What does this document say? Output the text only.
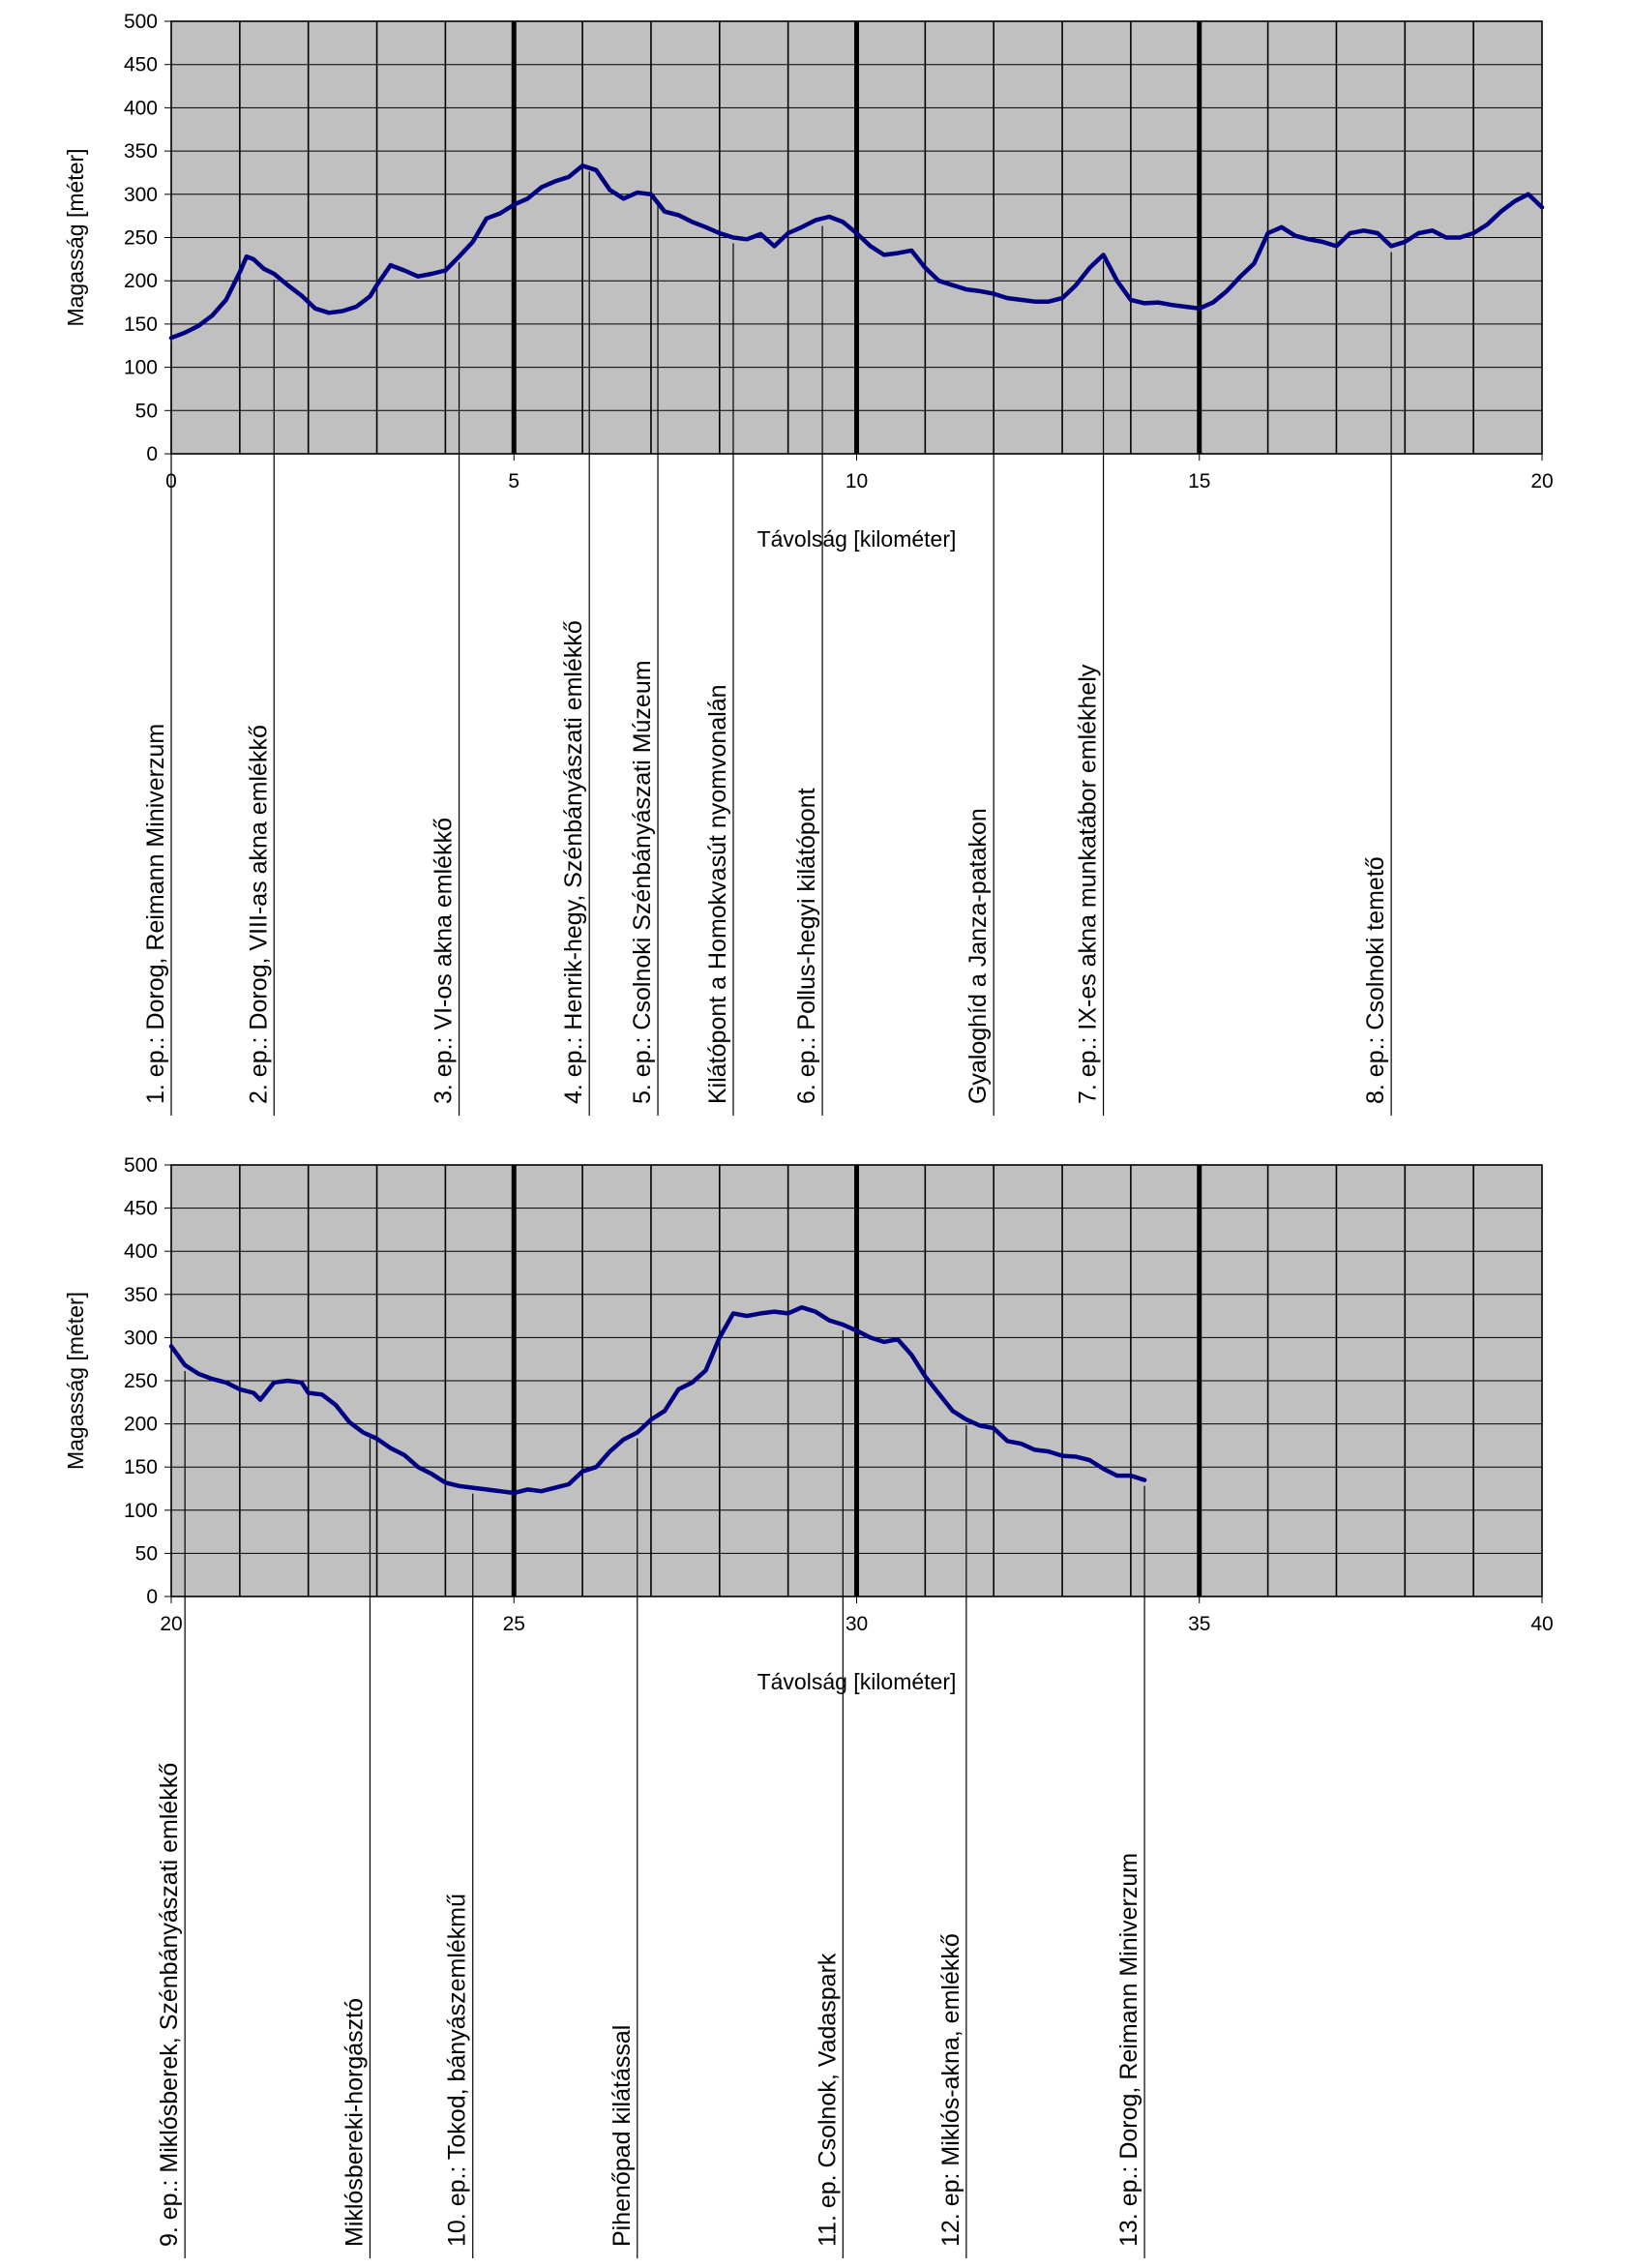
0
50
100
150
200
250
300
350
400
450
500
0	5	10	15	20
Távolság [kilométer]
Magasság [méter]
1. ep.: Dorog, Reimann Miniverzum	2. ep.: Dorog, VIII-as akna emlékkő	3. ep.: VI-os akna emlékkő	4. ep.: Henrik-hegy, Szénbányászati emlékkő 5. ep.: Csolnoki Szénbányászati Múzeum Kilátópont a Homokvasút nyomvonalán	6. ep.: Pollus-hegyi kilátópont	Gyaloghíd a Janza-patakon	7. ep.: IX-es akna munkatábor emlékhely	8. ep.: Csolnoki temető
0
50
100
150
200
250
300
350
400
450
500
20	25	30	35	40
Távolság [kilométer]
Magasság [méter]
9. ep.: Miklósberek, Szénbányászati emlékkő	Miklósbereki-horgásztó	10. ep.: Tokod, bányászemlékmű	Pihenőpad kilátással	11. ep. Csolnok, Vadaspark	12. ep: Miklós-akna, emlékkő	13. ep.: Dorog, Reimann Miniverzum
